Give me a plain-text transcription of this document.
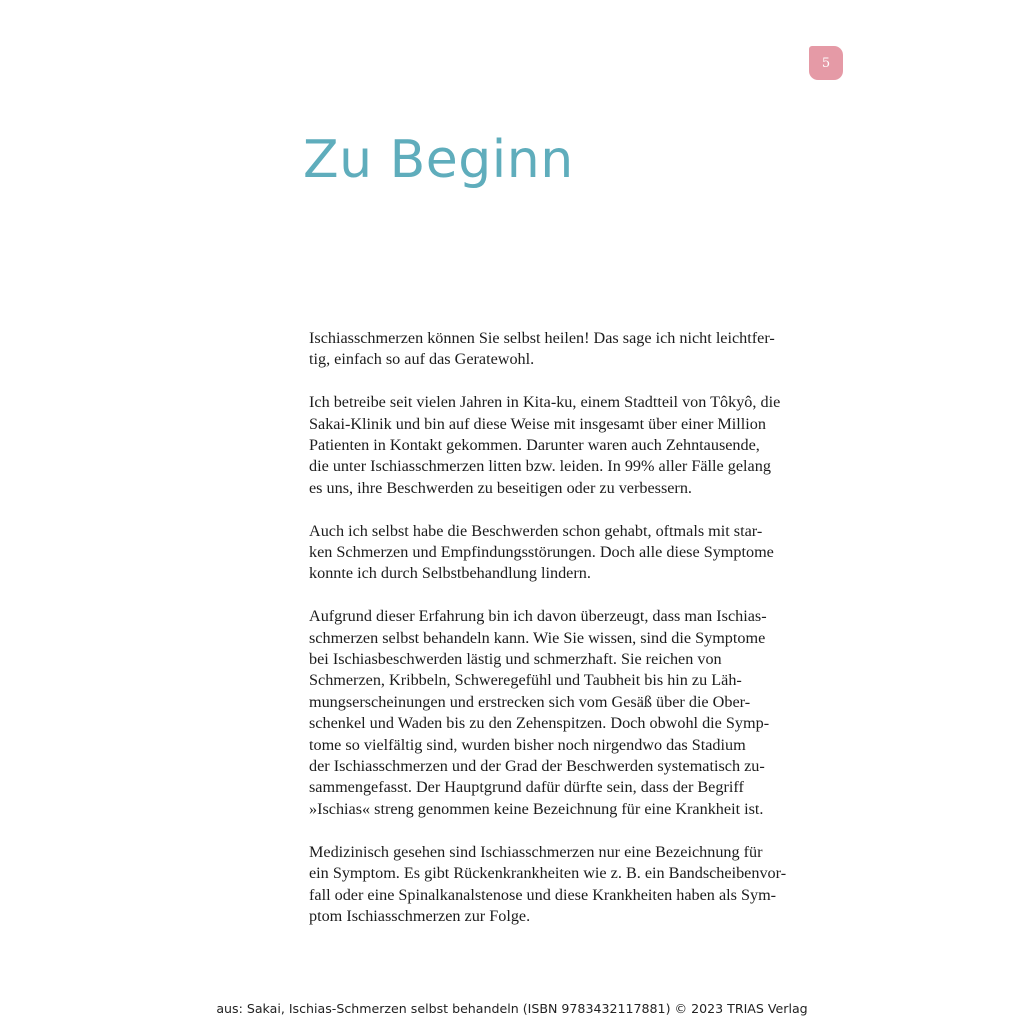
5
Zu Beginn

Ischiasschmerzen können Sie selbst heilen! Das sage ich nicht leichtfer-
tig, einfach so auf das Geratewohl.

Ich betreibe seit vielen Jahren in Kita-ku, einem Stadtteil von Tôkyô, die
Sakai-Klinik und bin auf diese Weise mit insgesamt über einer Million
Patienten in Kontakt gekommen. Darunter waren auch Zehntausende,
die unter Ischiasschmerzen litten bzw. leiden. In 99% aller Fälle gelang
es uns, ihre Beschwerden zu beseitigen oder zu verbessern.

Auch ich selbst habe die Beschwerden schon gehabt, oftmals mit star-
ken Schmerzen und Empfindungsstörungen. Doch alle diese Symptome
konnte ich durch Selbstbehandlung lindern.

Aufgrund dieser Erfahrung bin ich davon überzeugt, dass man Ischias-
schmerzen selbst behandeln kann. Wie Sie wissen, sind die Symptome
bei Ischiasbeschwerden lästig und schmerzhaft. Sie reichen von
Schmerzen, Kribbeln, Schweregefühl und Taubheit bis hin zu Läh-
mungserscheinungen und erstrecken sich vom Gesäß über die Ober-
schenkel und Waden bis zu den Zehenspitzen. Doch obwohl die Symp-
tome so vielfältig sind, wurden bisher noch nirgendwo das Stadium
der Ischiasschmerzen und der Grad der Beschwerden systematisch zu-
sammengefasst. Der Hauptgrund dafür dürfte sein, dass der Begriff
»Ischias« streng genommen keine Bezeichnung für eine Krankheit ist.

Medizinisch gesehen sind Ischiasschmerzen nur eine Bezeichnung für
ein Symptom. Es gibt Rückenkrankheiten wie z. B. ein Bandscheibenvor-
fall oder eine Spinalkanalstenose und diese Krankheiten haben als Sym-
ptom Ischiasschmerzen zur Folge.

aus: Sakai, Ischias-Schmerzen selbst behandeln (ISBN 9783432117881) © 2023 TRIAS Verlag
